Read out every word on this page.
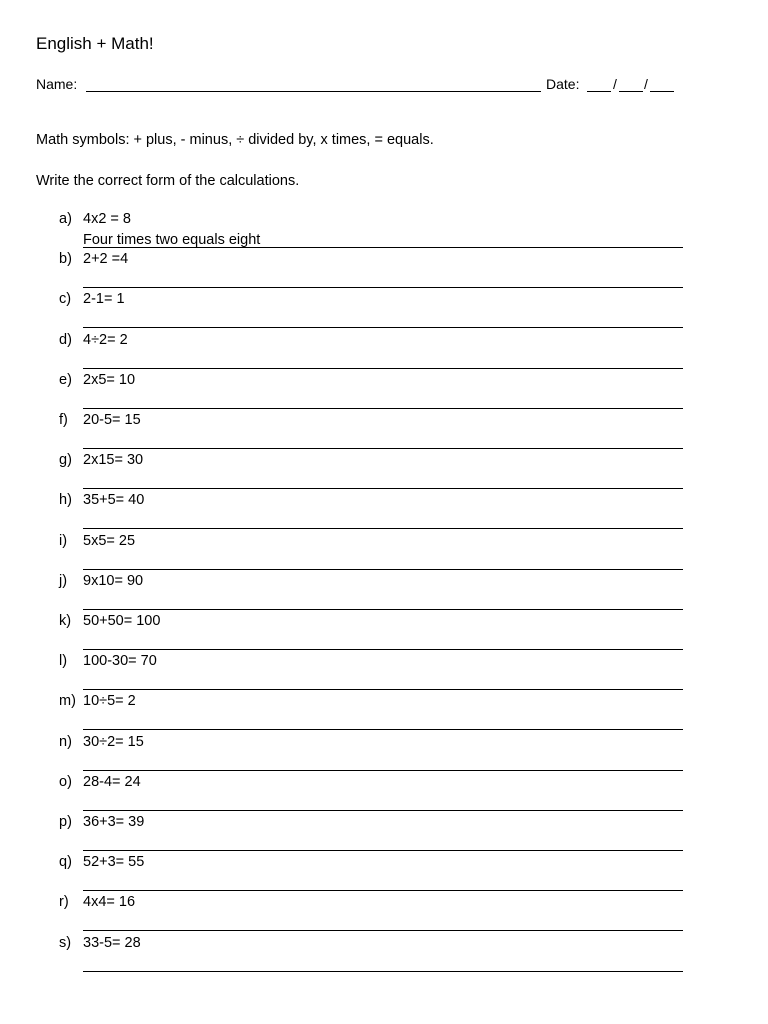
English + Math!
Name:	Date: / /
Math symbols: + plus, - minus, ÷ divided by, x times, = equals.
Write the correct form of the calculations.
a) 4x2 = 8
Four times two equals eight
b) 2+2 =4
c) 2-1= 1
d) 4÷2= 2
e) 2x5= 10
f) 20-5= 15
g) 2x15= 30
h) 35+5= 40
i) 5x5= 25
j) 9x10= 90
k) 50+50= 100
l) 100-30= 70
m) 10÷5= 2
n) 30÷2= 15
o) 28-4= 24
p) 36+3= 39
q) 52+3= 55
r) 4x4= 16
s) 33-5= 28
